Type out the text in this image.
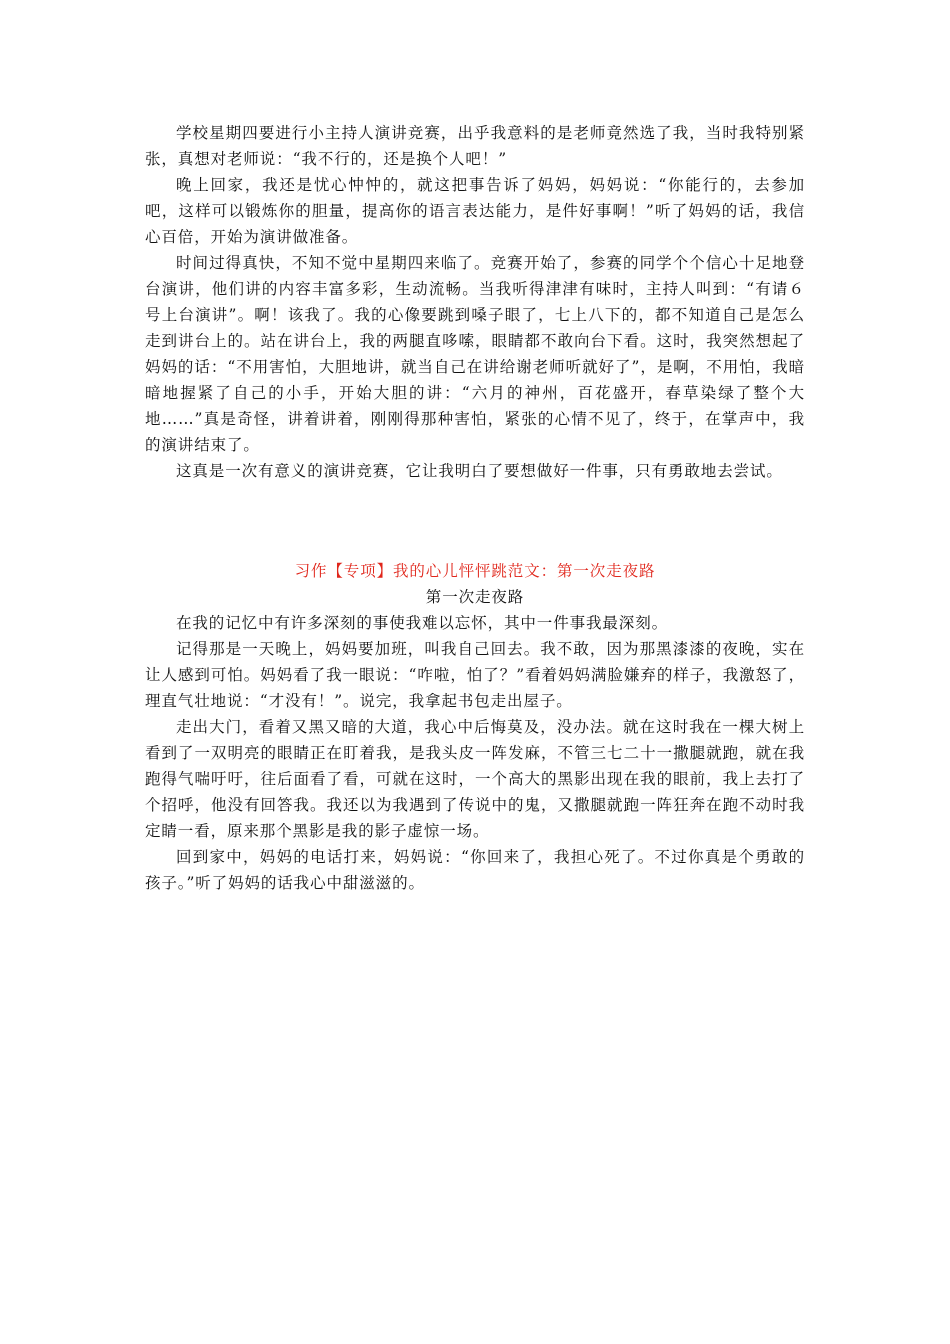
学校星期四要进行小主持人演讲竞赛，出乎我意料的是老师竟然选了我，当时我特别紧张，真想对老师说：“我不行的，还是换个人吧！”

晚上回家，我还是忧心忡忡的，就这把事告诉了妈妈，妈妈说：“你能行的，去参加吧，这样可以锻炼你的胆量，提高你的语言表达能力，是件好事啊！”听了妈妈的话，我信心百倍，开始为演讲做准备。

时间过得真快，不知不觉中星期四来临了。竞赛开始了，参赛的同学个个信心十足地登台演讲，他们讲的内容丰富多彩，生动流畅。当我听得津津有味时，主持人叫到：“有请６号上台演讲”。啊！该我了。我的心像要跳到嗓子眼了，七上八下的，都不知道自己是怎么走到讲台上的。站在讲台上，我的两腿直哆嗦，眼睛都不敢向台下看。这时，我突然想起了妈妈的话：“不用害怕，大胆地讲，就当自己在讲给谢老师听就好了”，是啊，不用怕，我暗暗地握紧了自己的小手，开始大胆的讲：“六月的神州，百花盛开，春草染绿了整个大地……”真是奇怪，讲着讲着，刚刚得那种害怕，紧张的心情不见了，终于，在掌声中，我的演讲结束了。

这真是一次有意义的演讲竞赛，它让我明白了要想做好一件事，只有勇敢地去尝试。

习作【专项】我的心儿怦怦跳范文：第一次走夜路

第一次走夜路

在我的记忆中有许多深刻的事使我难以忘怀，其中一件事我最深刻。

记得那是一天晚上，妈妈要加班，叫我自己回去。我不敢，因为那黑漆漆的夜晚，实在让人感到可怕。妈妈看了我一眼说：“咋啦，怕了？”看着妈妈满脸嫌弃的样子，我激怒了，理直气壮地说：“才没有！”。说完，我拿起书包走出屋子。

走出大门，看着又黑又暗的大道，我心中后悔莫及，没办法。就在这时我在一棵大树上看到了一双明亮的眼睛正在盯着我，是我头皮一阵发麻，不管三七二十一撒腿就跑，就在我跑得气喘吁吁，往后面看了看，可就在这时，一个高大的黑影出现在我的眼前，我上去打了个招呼，他没有回答我。我还以为我遇到了传说中的鬼，又撒腿就跑一阵狂奔在跑不动时我定睛一看，原来那个黑影是我的影子虚惊一场。

回到家中，妈妈的电话打来，妈妈说：“你回来了，我担心死了。不过你真是个勇敢的孩子。”听了妈妈的话我心中甜滋滋的。
